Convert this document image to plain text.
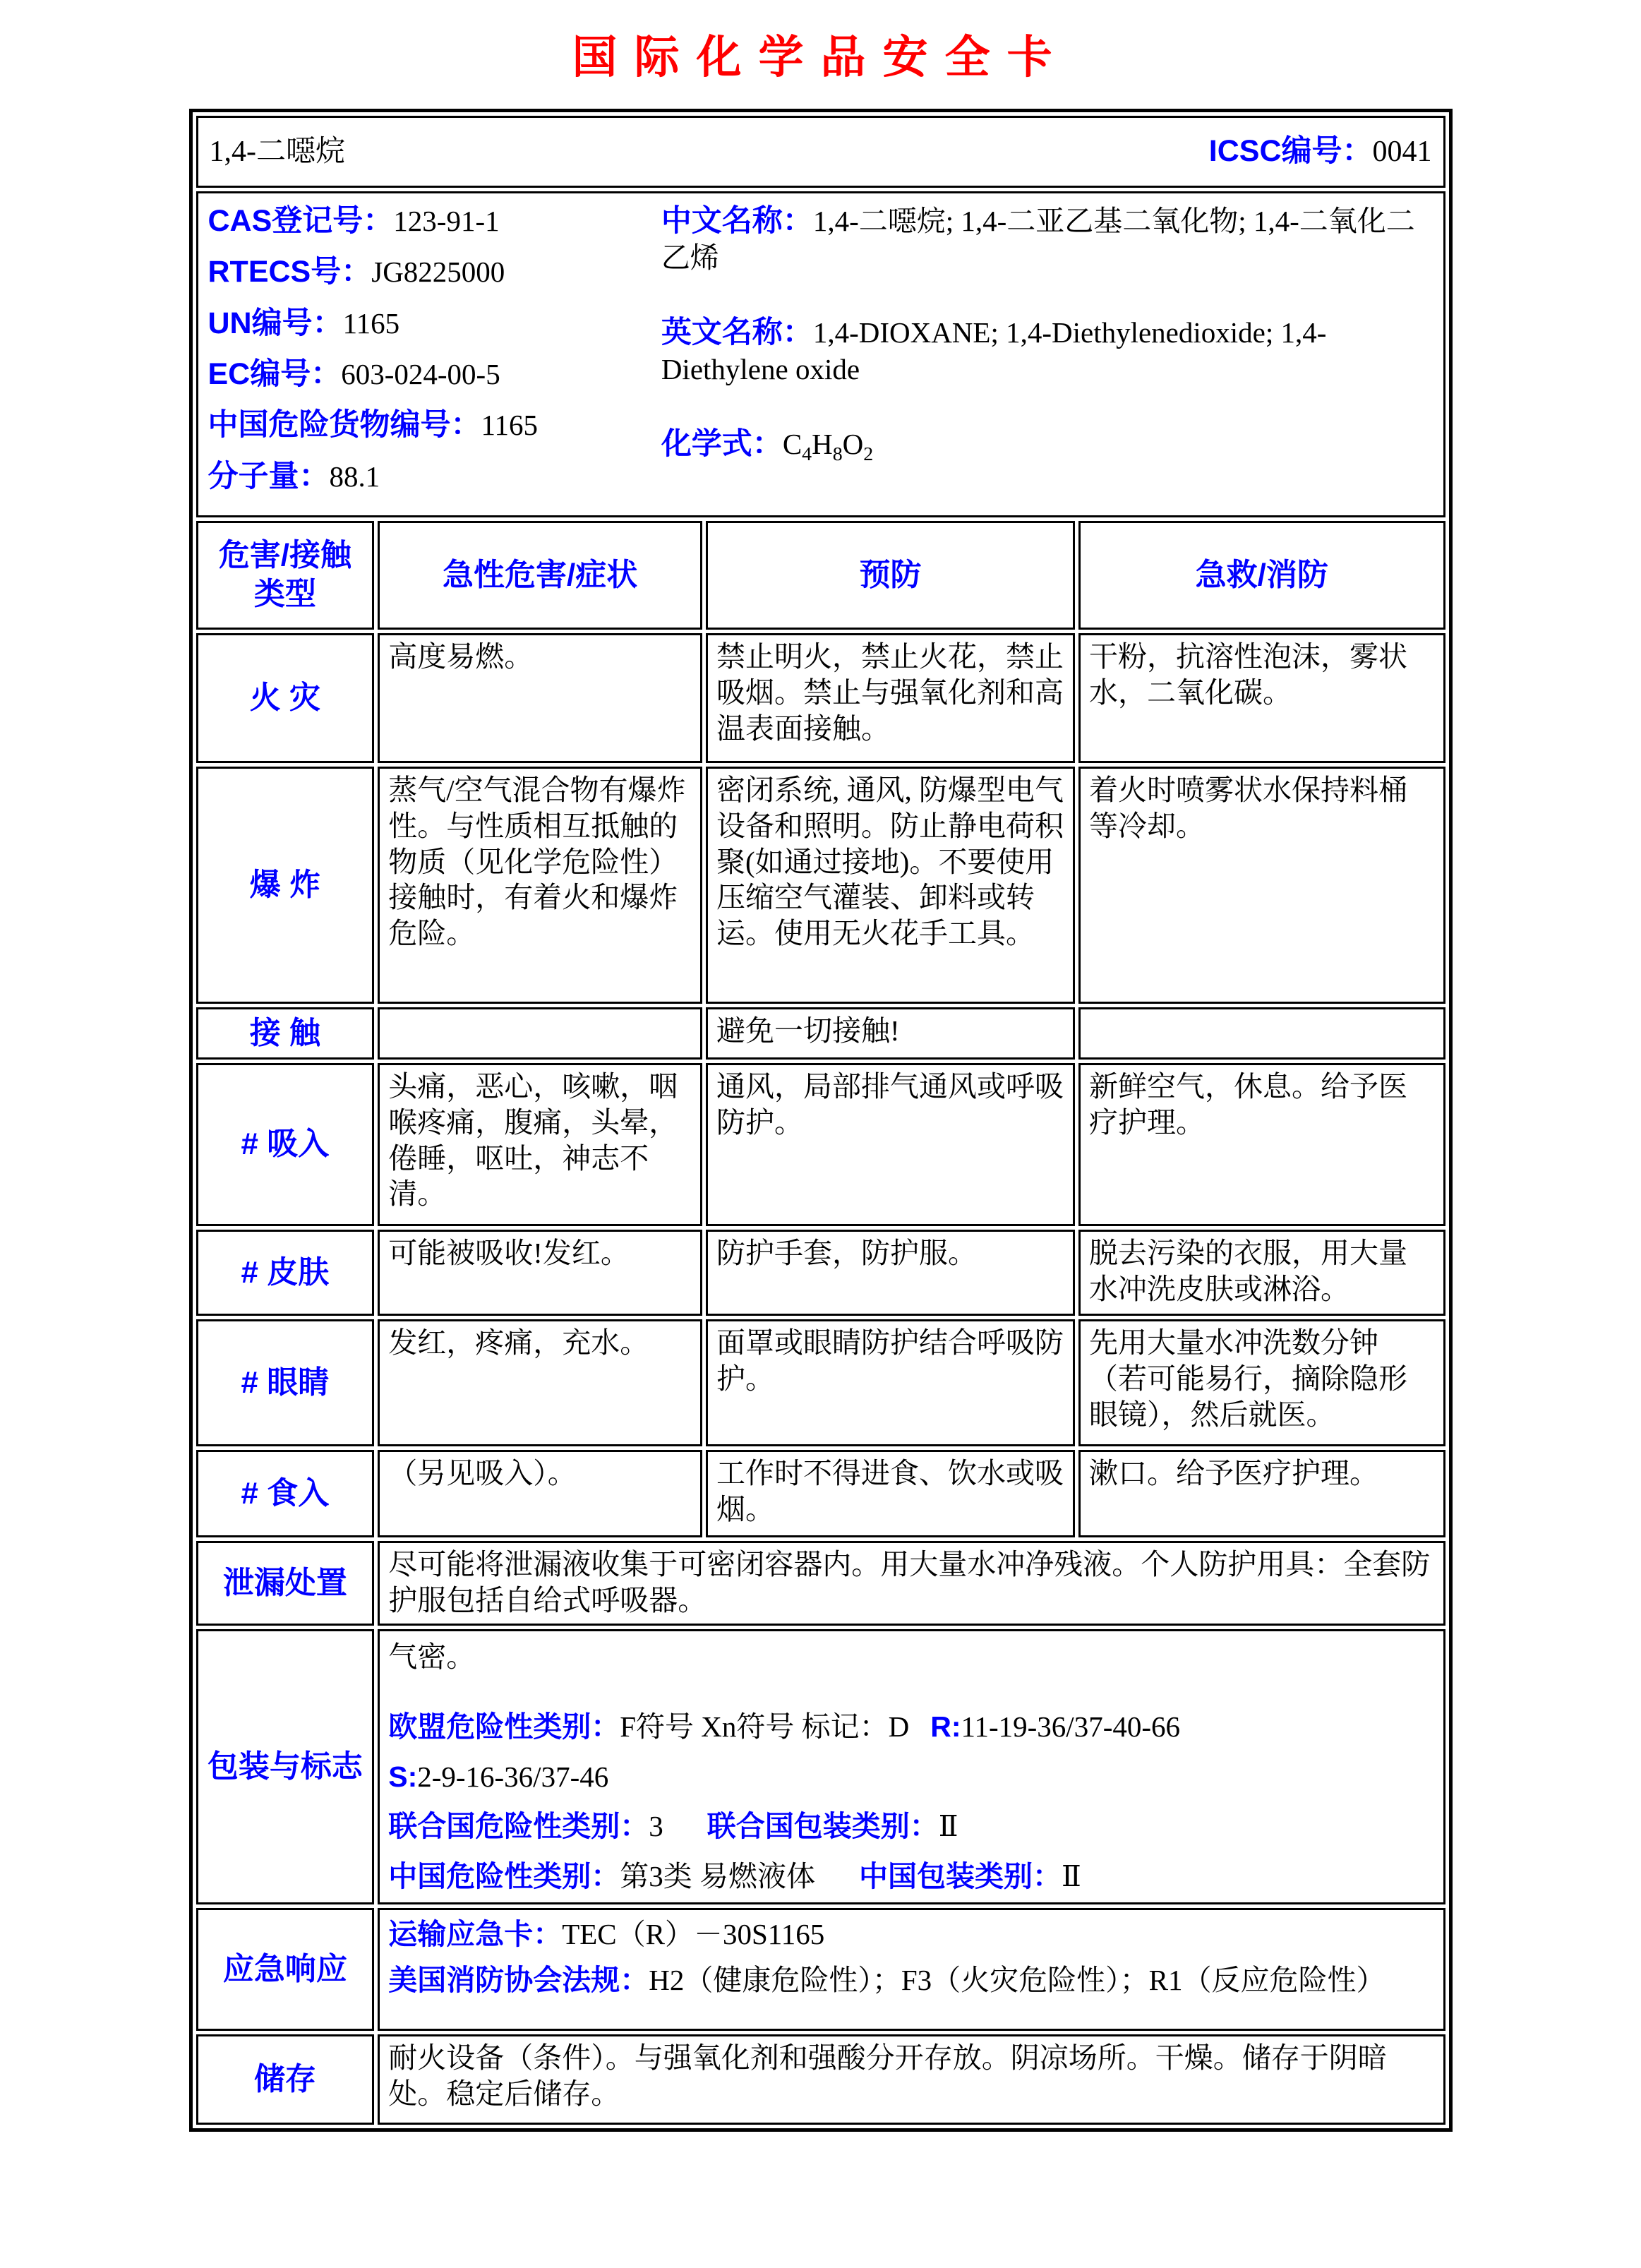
国际化学品安全卡
1,4-二噁烷 ICSC编号：0041			

CAS登记号：123-91-1

RTECS号：JG8225000

UN编号：1165

EC编号：603-024-00-5

中国危险货物编号：1165

分子量：88.1

中文名称：1,4-二噁烷; 1,4-二亚乙基二氧化物; 1,4-二氧化二乙烯

英文名称：1,4-DIOXANE; 1,4-Diethylenedioxide; 1,4-Diethylene oxide

化学式：$C_4H_8O_2$

危害/接触类型	急性危害/症状	预防	急救/消防
火 灾	高度易燃。	禁止明火，禁止火花，禁止吸烟。禁止与强氧化剂和高温表面接触。	干粉，抗溶性泡沫，雾状水，二氧化碳。
爆 炸	蒸气/空气混合物有爆炸性。与性质相互抵触的物质（见化学危险性）接触时，有着火和爆炸危险。	密闭系统, 通风, 防爆型电气设备和照明。防止静电荷积聚(如通过接地)。不要使用压缩空气灌装、卸料或转运。使用无火花手工具。	着火时喷雾状水保持料桶等冷却。
接 触		避免一切接触!	
# 吸入	头痛，恶心，咳嗽，咽喉疼痛，腹痛，头晕，倦睡，呕吐，神志不清。	通风，局部排气通风或呼吸防护。	新鲜空气，休息。给予医疗护理。
# 皮肤	可能被吸收!发红。	防护手套，防护服。	脱去污染的衣服，用大量水冲洗皮肤或淋浴。
# 眼睛	发红，疼痛，充水。	面罩或眼睛防护结合呼吸防护。	先用大量水冲洗数分钟（若可能易行，摘除隐形眼镜），然后就医。
# 食入	（另见吸入）。	工作时不得进食、饮水或吸烟。	漱口。给予医疗护理。
泄漏处置	尽可能将泄漏液收集于可密闭容器内。用大量水冲净残液。个人防护用具：全套防护服包括自给式呼吸器。		
包装与标志	气密。

欧盟危险性类别：F符号 Xn符号 标记：D R:11-19-36/37-40-66

S:2-9-16-36/37-46

联合国危险性类别：3 联合国包装类别：Ⅱ

中国危险性类别：第3类 易燃液体 中国包装类别：Ⅱ		

应急响应	运输应急卡：TEC（R）－30S1165

美国消防协会法规：H2（健康危险性）；F3（火灾危险性）；R1（反应危险性）		

储存	耐火设备（条件）。与强氧化剂和强酸分开存放。阴凉场所。干燥。储存于阴暗处。稳定后储存。		
